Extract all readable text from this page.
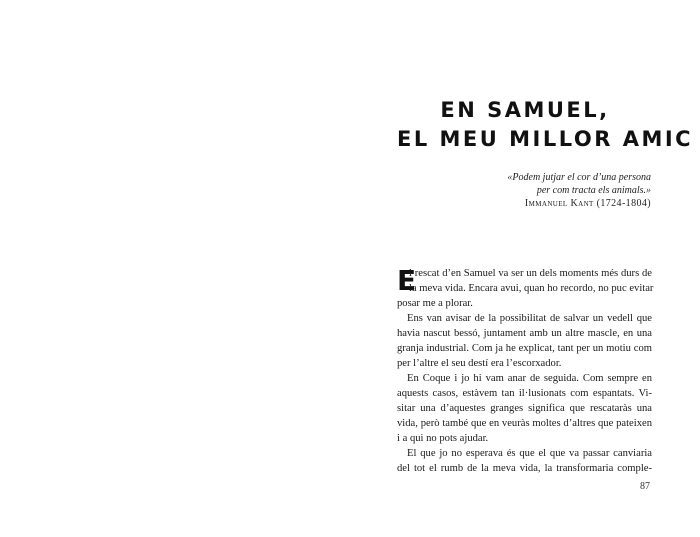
EN SAMUEL,
EL MEU MILLOR AMIC
«Podem jutjar el cor d’una persona
per com tracta els animals.»
Immanuel Kant (1724-1804)
E
l rescat d’en Samuel va ser un dels moments més durs de
la meva vida. Encara avui, quan ho recordo, no puc evitar
posar me a plorar.
Ens van avisar de la possibilitat de salvar un vedell que
havia nascut bessó, juntament amb un altre mascle, en una
granja industrial. Com ja he explicat, tant per un motiu com
per l’altre el seu destí era l’escorxador.
En Coque i jo hi vam anar de seguida. Com sempre en
aquests casos, estàvem tan il·lusionats com espantats. Vi-
sitar una d’aquestes granges significa que rescataràs una
vida, però també que en veuràs moltes d’altres que pateixen
i a qui no pots ajudar.
El que jo no esperava és que el que va passar canviaria
del tot el rumb de la meva vida, la transformaria comple-
87
